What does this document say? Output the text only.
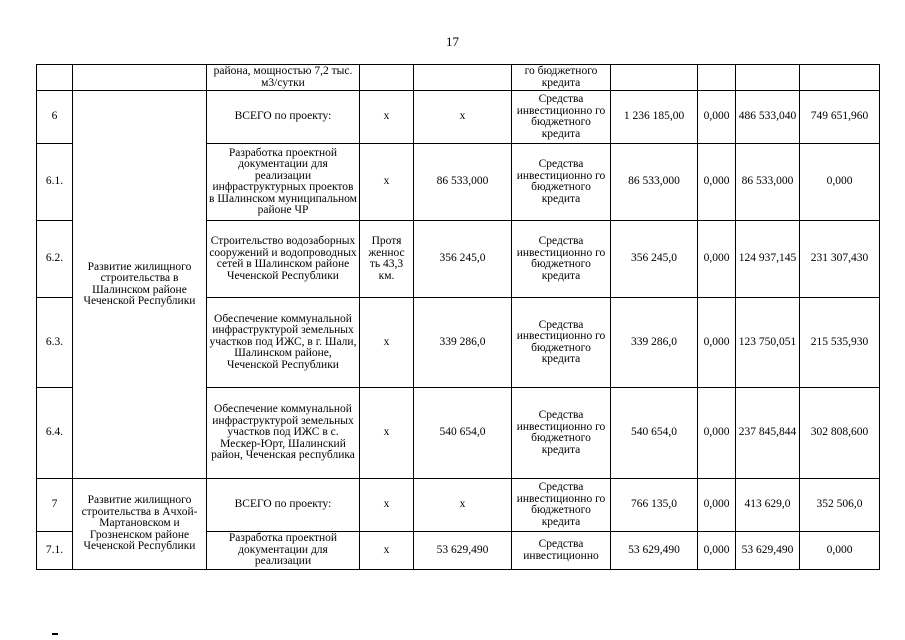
17
		района, мощностью 7,2 тыс. м3/сутки			го бюджетного кредита				
6	Развитие жилищного строительства в Шалинском районе Чеченской Республики	ВСЕГО по проекту:	х	х	Средства инвестиционно го бюджетного кредита	1 236 185,00	0,000	486 533,040	749 651,960
6.1.		Разработка проектной документации для реализации инфраструктурных проектов в Шалинском муниципальном районе ЧР	х	86 533,000	Средства инвестиционно го бюджетного кредита	86 533,000	0,000	86 533,000	0,000
6.2.		Строительство водозаборных сооружений и водопроводных сетей в Шалинском районе Чеченской Республики	Протя женнос ть 43,3 км.	356 245,0	Средства инвестиционно го бюджетного кредита	356 245,0	0,000	124 937,145	231 307,430
6.3.		Обеспечение коммунальной инфраструктурой земельных участков под ИЖС, в г. Шали, Шалинском районе, Чеченской Республики	х	339 286,0	Средства инвестиционно го бюджетного кредита	339 286,0	0,000	123 750,051	215 535,930
6.4.		Обеспечение коммунальной инфраструктурой земельных участков под ИЖС в с. Мескер-Юрт, Шалинский район, Чеченская республика	х	540 654,0	Средства инвестиционно го бюджетного кредита	540 654,0	0,000	237 845,844	302 808,600
7	Развитие жилищного строительства в Ачхой-Мартановском и Грозненском районе Чеченской Республики	ВСЕГО по проекту:	х	х	Средства инвестиционно го бюджетного кредита	766 135,0	0,000	413 629,0	352 506,0
7.1.		Разработка проектной документации для реализации	х	53 629,490	Средства инвестиционно	53 629,490	0,000	53 629,490	0,000
